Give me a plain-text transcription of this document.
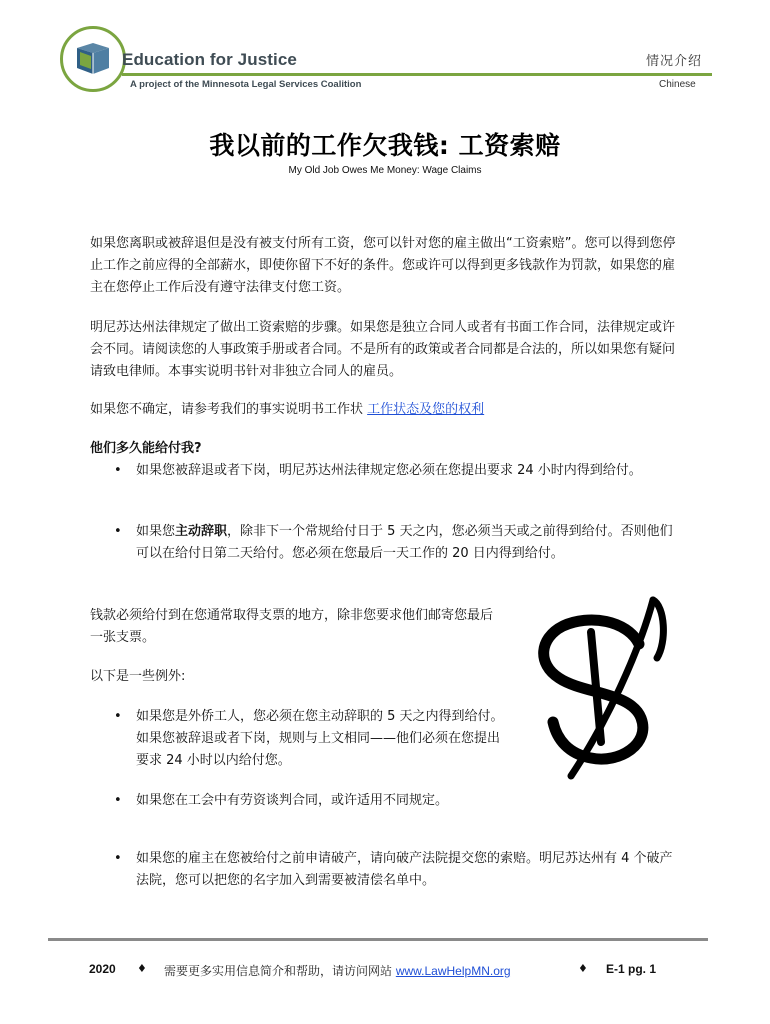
Education for Justice
A project of the Minnesota Legal Services Coalition
情况介绍
Chinese
我以前的工作欠我钱: 工资索赔
My Old Job Owes Me Money: Wage Claims
如果您离职或被辞退但是没有被支付所有工资，您可以针对您的雇主做出“工资索赔”。您可以得到您停止工作之前应得的全部薪水，即使你留下不好的条件。您或许可以得到更多钱款作为罚款，如果您的雇主在您停止工作后没有遵守法律支付您工资。
明尼苏达州法律规定了做出工资索赔的步骤。如果您是独立合同人或者有书面工作合同，法律规定或许会不同。请阅读您的人事政策手册或者合同。不是所有的政策或者合同都是合法的，所以如果您有疑问请致电律师。本事实说明书针对非独立合同人的雇员。
如果您不确定，请参考我们的事实说明书工作状 工作状态及您的权利
他们多久能给付我?
• 如果您被辞退或者下岗，明尼苏达州法律规定您必须在您提出要求 24 小时内得到给付。
• 如果您主动辞职，除非下一个常规给付日于 5 天之内，您必须当天或之前得到给付。否则他们可以在给付日第二天给付。您必须在您最后一天工作的 20 日内得到给付。
钱款必须给付到在您通常取得支票的地方，除非您要求他们邮寄您最后一张支票。
以下是一些例外:
• 如果您是外侨工人，您必须在您主动辞职的 5 天之内得到给付。如果您被辞退或者下岗，规则与上文相同——他们必须在您提出要求 24 小时以内给付您。
• 如果您在工会中有劳资谈判合同，或许适用不同规定。
• 如果您的雇主在您被给付之前申请破产，请向破产法院提交您的索赔。明尼苏达州有 4 个破产法院，您可以把您的名字加入到需要被清偿名单中。
2020 ♦ 需要更多实用信息简介和帮助，请访问网站 www.LawHelpMN.org	♦ E-1 pg. 1
